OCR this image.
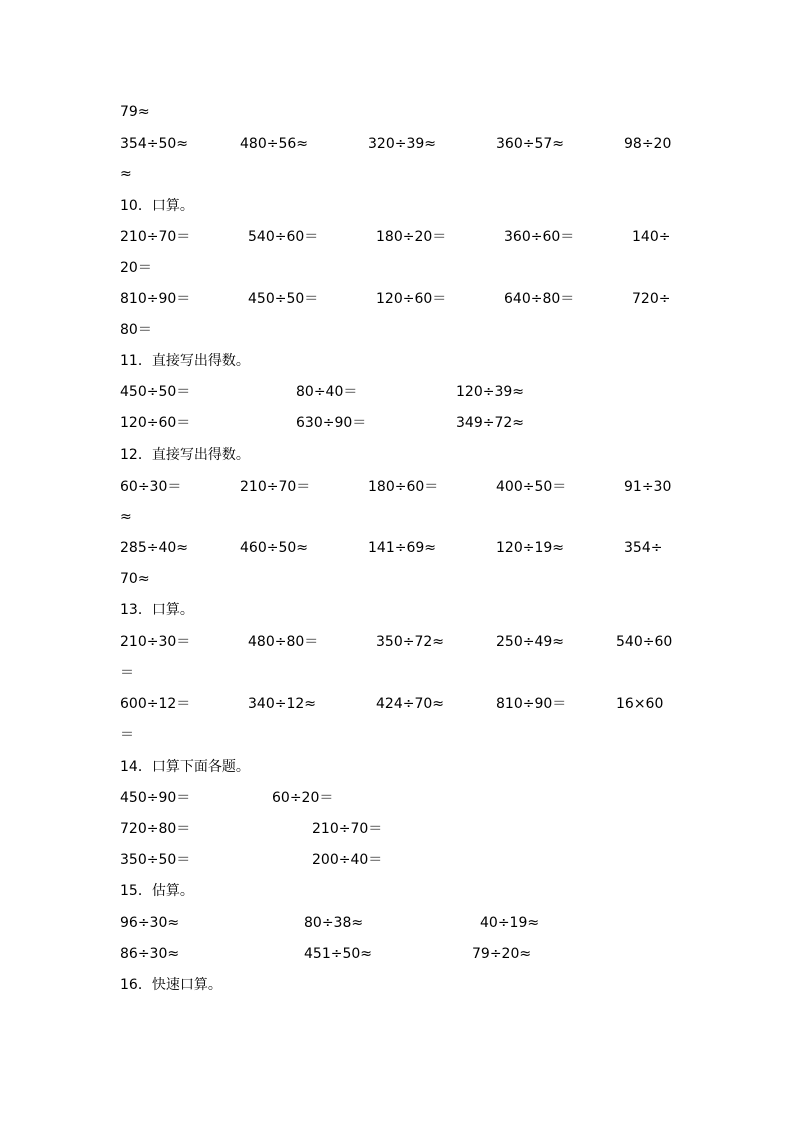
79≈
354÷50≈	480÷56≈	320÷39≈	360÷57≈	98÷20
≈
10．口算。
210÷70＝	540÷60＝	180÷20＝	360÷60＝	140÷
20＝
810÷90＝	450÷50＝	120÷60＝	640÷80＝	720÷
80＝
11．直接写出得数。
450÷50＝	80÷40＝	120÷39≈
120÷60＝	630÷90＝	349÷72≈
12．直接写出得数。
60÷30＝	210÷70＝	180÷60＝	400÷50＝	91÷30
≈
285÷40≈	460÷50≈	141÷69≈	120÷19≈	354÷
70≈
13．口算。
210÷30＝	480÷80＝	350÷72≈	250÷49≈	540÷60
＝
600÷12＝	340÷12≈	424÷70≈	810÷90＝	16×60
＝
14．口算下面各题。
450÷90＝	60÷20＝
720÷80＝	210÷70＝
350÷50＝	200÷40＝
15．估算。
96÷30≈	80÷38≈	40÷19≈
86÷30≈	451÷50≈	79÷20≈
16．快速口算。
